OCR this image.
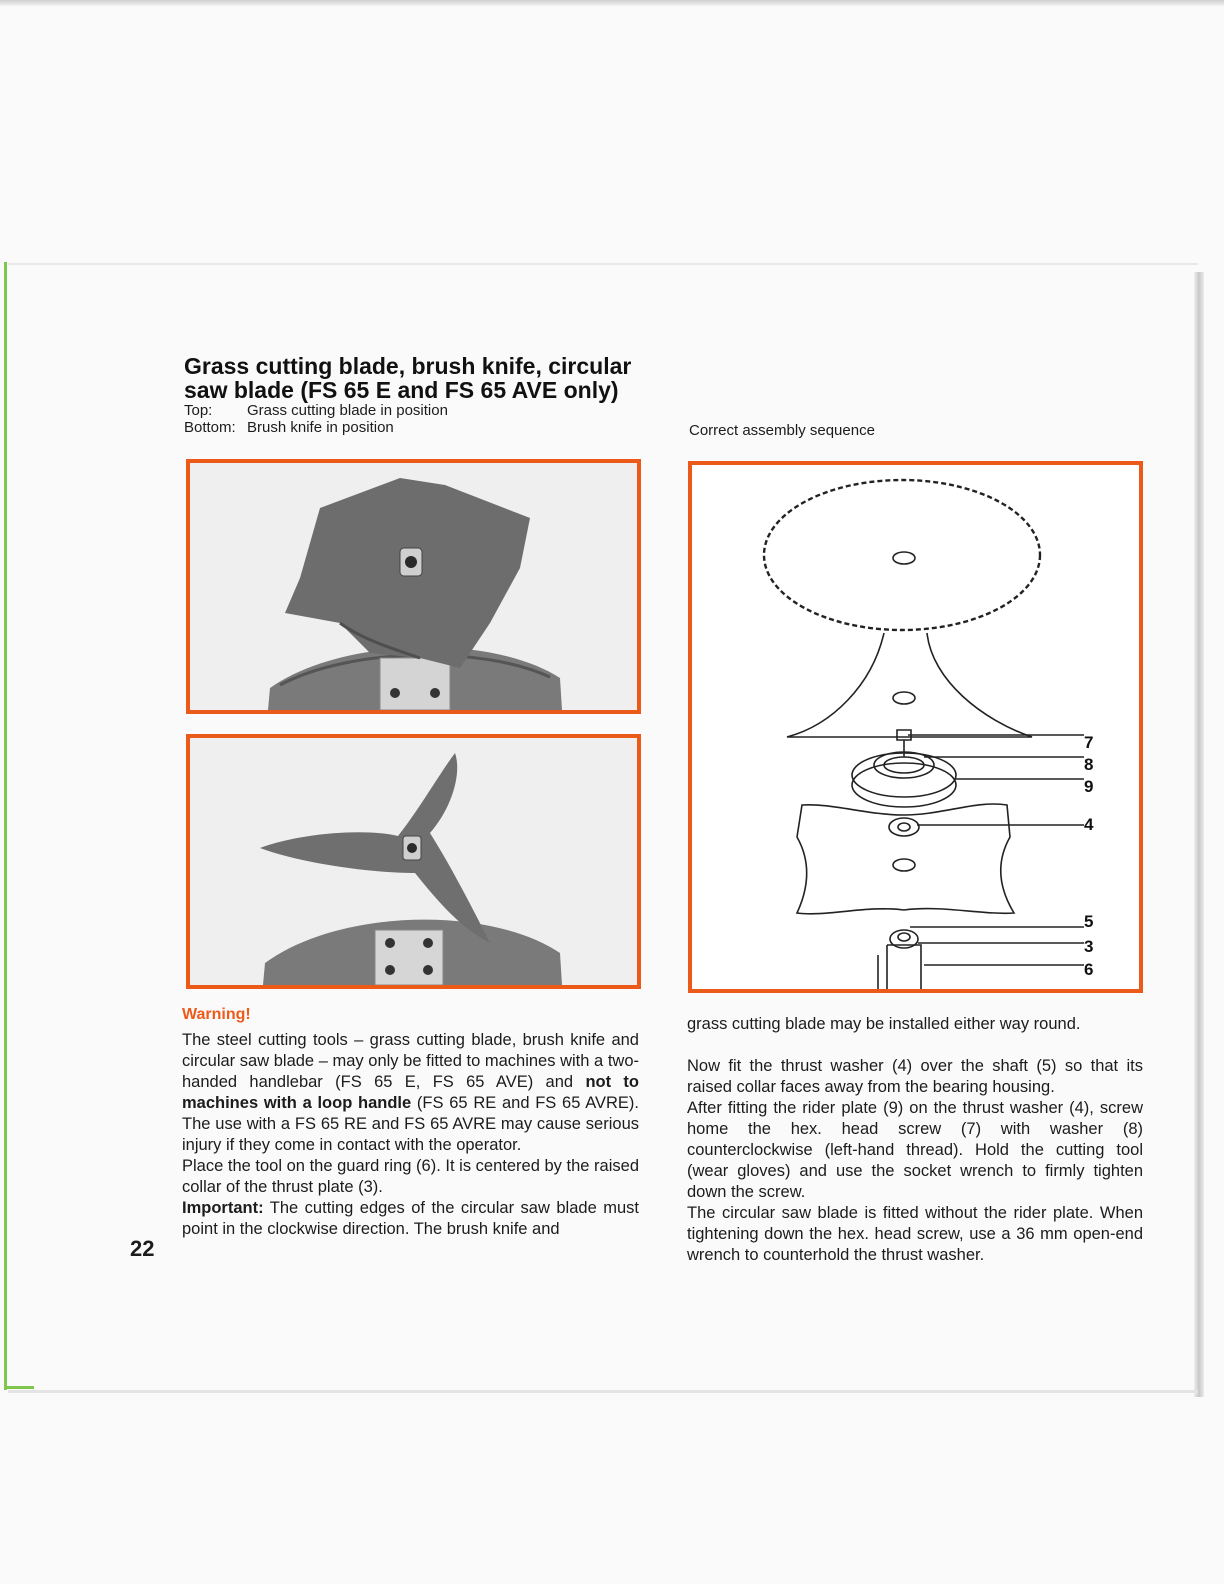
Grass cutting blade, brush knife, circular saw blade (FS 65 E and FS 65 AVE only)
Top:	Grass cutting blade in position
Bottom: Brush knife in position	Correct assembly sequence
7
8
9
4
5
3
6
Warning!

The steel cutting tools – grass cutting blade, brush knife and circular saw blade – may only be fitted to machines with a two-handed handlebar (FS 65 E, FS 65 AVE) and not to machines with a loop handle (FS 65 RE and FS 65 AVRE). The use with a FS 65 RE and FS 65 AVRE may cause serious injury if they come in contact with the operator.

Place the tool on the guard ring (6). It is centered by the raised collar of the thrust plate (3).

Important: The cutting edges of the circular saw blade must point in the clockwise direction. The brush knife and

grass cutting blade may be installed either way round.

Now fit the thrust washer (4) over the shaft (5) so that its raised collar faces away from the bearing housing.

After fitting the rider plate (9) on the thrust washer (4), screw home the hex. head screw (7) with washer (8) counterclockwise (left-hand thread). Hold the cutting tool (wear gloves) and use the socket wrench to firmly tighten down the screw.

The circular saw blade is fitted without the rider plate. When tightening down the hex. head screw, use a 36 mm open-end wrench to counterhold the thrust washer.

22
